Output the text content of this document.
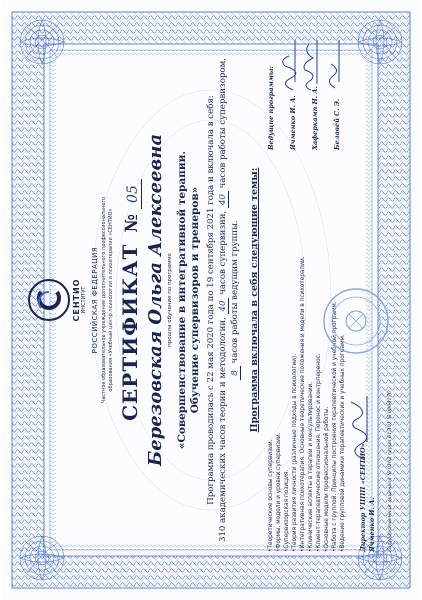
СЕНТИО ИНСТИТУТ РОССИЙСКАЯ ФЕДЕРАЦИЯ Частное образовательное учреждение дополнительного профессионального образования «Учебный центр психологии и психотерапии «СЕНТИО» СЕРТИФИКАТ № 05 Березовская Ольга Алексеевна прошла обучение по программе «Совершенствование в интегративной терапии. Обучение супервизоров и тренеров» Программа проводилась с 22 мая 2020 года по 19 сентября 2021 года и включала в себя: 310 академических часов теории и методологии, 40 часов супервизии, 40 часов работы супервизором,
8 часов работы ведущим группы. Программа включала в себя следующие темы:
•Теоретические основы супервизии. •Формы, модели и уровни супервизии. •Супервизорская позиция. •Теория развития личности (различные подходы в психологии). •Интегративная психотерапия. Основные теоретические положения и модели в психотерапии. •Клинические аспекты в терапии и консультировании. •Клиент-терапевтические отношения. Перенос и контрперенос. •Основные модели профессиональной работы. •Работа с группой. Принципы построения терапевтической и учебной программ. •Ведение групповой динамики терапевтических и учебных программ. Директор УЦПП «СЕНТИО» Ячменко И. А.
Ведущие программы: Ячменко И. А. Хаферкамп Н. А. Белавёй С. Э.
Государственная лицензия № 0162 серия 61Л01 № 0004176
